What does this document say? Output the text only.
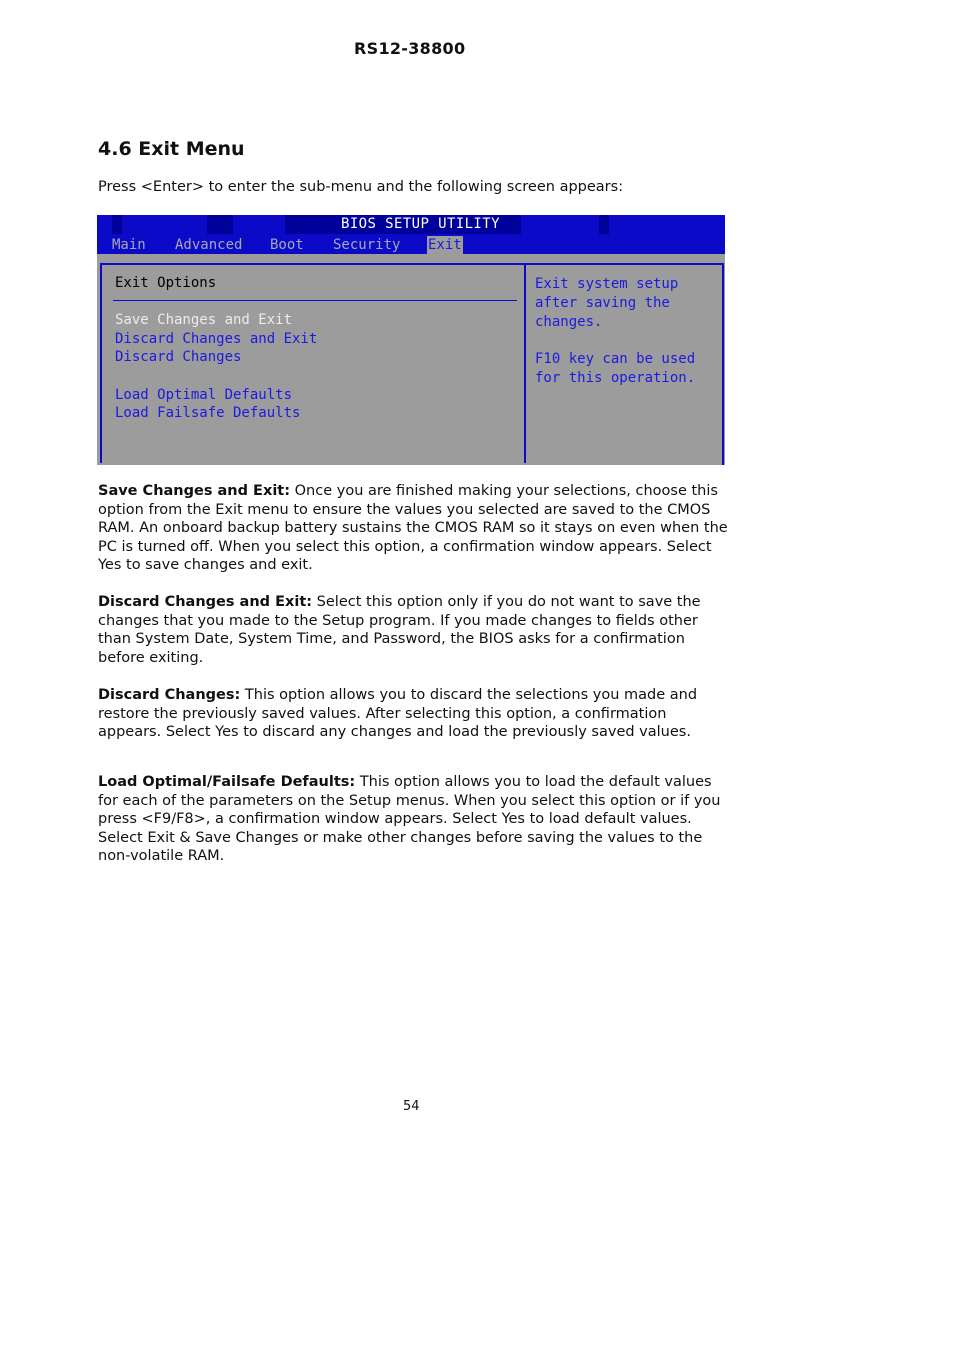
RS12-38800
4.6 Exit Menu
Press <Enter> to enter the sub-menu and the following screen appears:
BIOS SETUP UTILITY
Main Advanced Boot Security Exit
Exit Options
Save Changes and Exit
Discard Changes and Exit
Discard Changes
Load Optimal Defaults
Load Failsafe Defaults
Exit system setup
after saving the
changes.
F10 key can be used
for this operation.

Save Changes and Exit: Once you are finished making your selections, choose this option from the Exit menu to ensure the values you selected are saved to the CMOS RAM. An onboard backup battery sustains the CMOS RAM so it stays on even when the PC is turned off. When you select this option, a confirmation window appears. Select Yes to save changes and exit.

Discard Changes and Exit: Select this option only if you do not want to save the changes that you made to the Setup program. If you made changes to fields other than System Date, System Time, and Password, the BIOS asks for a confirmation before exiting.

Discard Changes: This option allows you to discard the selections you made and restore the previously saved values. After selecting this option, a confirmation appears. Select Yes to discard any changes and load the previously saved values.

Load Optimal/Failsafe Defaults: This option allows you to load the default values for each of the parameters on the Setup menus. When you select this option or if you press <F9/F8>, a confirmation window appears. Select Yes to load default values. Select Exit & Save Changes or make other changes before saving the values to the non-volatile RAM.

54
